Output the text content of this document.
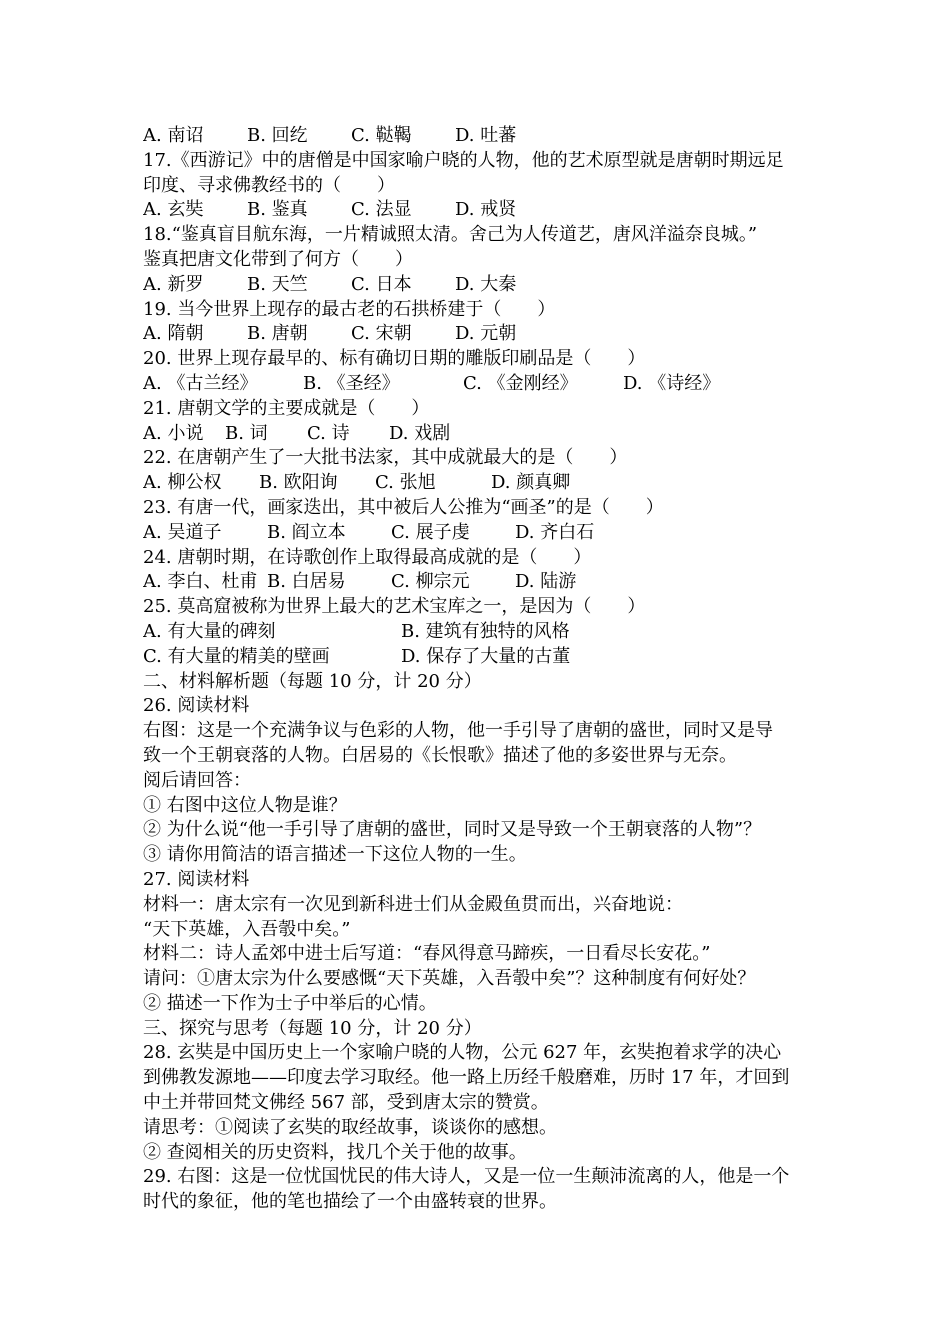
A. 南诏 B. 回纥 C. 鞑鞨 D. 吐蕃
17.《西游记》中的唐僧是中国家喻户晓的人物，他的艺术原型就是唐朝时期远足
印度、寻求佛教经书的（　　）
A. 玄奘 B. 鉴真 C. 法显 D. 戒贤
18.“鉴真盲目航东海，一片精诚照太清。舍己为人传道艺，唐风洋溢奈良城。”
鉴真把唐文化带到了何方（　　）
A. 新罗 B. 天竺 C. 日本 D. 大秦
19. 当今世界上现存的最古老的石拱桥建于（　　）
A. 隋朝 B. 唐朝 C. 宋朝 D. 元朝
20. 世界上现存最早的、标有确切日期的雕版印刷品是（　　）
A. 《古兰经》	B. 《圣经》	C. 《金刚经》	D. 《诗经》
21. 唐朝文学的主要成就是（　　）
A. 小说 B. 词 C. 诗 D. 戏剧
22. 在唐朝产生了一大批书法家，其中成就最大的是（　　）
A. 柳公权 B. 欧阳询 C. 张旭	D. 颜真卿
23. 有唐一代，画家迭出，其中被后人公推为“画圣”的是（　　）
A. 吴道子	B. 阎立本	C. 展子虔	D. 齐白石
24. 唐朝时期，在诗歌创作上取得最高成就的是（　　）
A. 李白、杜甫 B. 白居易	C. 柳宗元	D. 陆游
25. 莫高窟被称为世界上最大的艺术宝库之一，是因为（　　）
A. 有大量的碑刻	B. 建筑有独特的风格
C. 有大量的精美的壁画	D. 保存了大量的古董
二、材料解析题（每题 10 分，计 20 分）
26. 阅读材料
右图：这是一个充满争议与色彩的人物，他一手引导了唐朝的盛世，同时又是导
致一个王朝衰落的人物。白居易的《长恨歌》描述了他的多姿世界与无奈。
阅后请回答：
① 右图中这位人物是谁？
② 为什么说“他一手引导了唐朝的盛世，同时又是导致一个王朝衰落的人物”？
③ 请你用简洁的语言描述一下这位人物的一生。
27. 阅读材料
材料一：唐太宗有一次见到新科进士们从金殿鱼贯而出，兴奋地说：
“天下英雄，入吾彀中矣。”
材料二：诗人孟郊中进士后写道：“春风得意马蹄疾，一日看尽长安花。”
请问：①唐太宗为什么要感慨“天下英雄，入吾彀中矣”？这种制度有何好处？
② 描述一下作为士子中举后的心情。
三、探究与思考（每题 10 分，计 20 分）
28. 玄奘是中国历史上一个家喻户晓的人物，公元 627 年，玄奘抱着求学的决心
到佛教发源地——印度去学习取经。他一路上历经千般磨难，历时 17 年，才回到
中土并带回梵文佛经 567 部，受到唐太宗的赞赏。
请思考：①阅读了玄奘的取经故事，谈谈你的感想。
② 查阅相关的历史资料，找几个关于他的故事。
29. 右图：这是一位忧国忧民的伟大诗人，又是一位一生颠沛流离的人，他是一个
时代的象征，他的笔也描绘了一个由盛转衰的世界。
